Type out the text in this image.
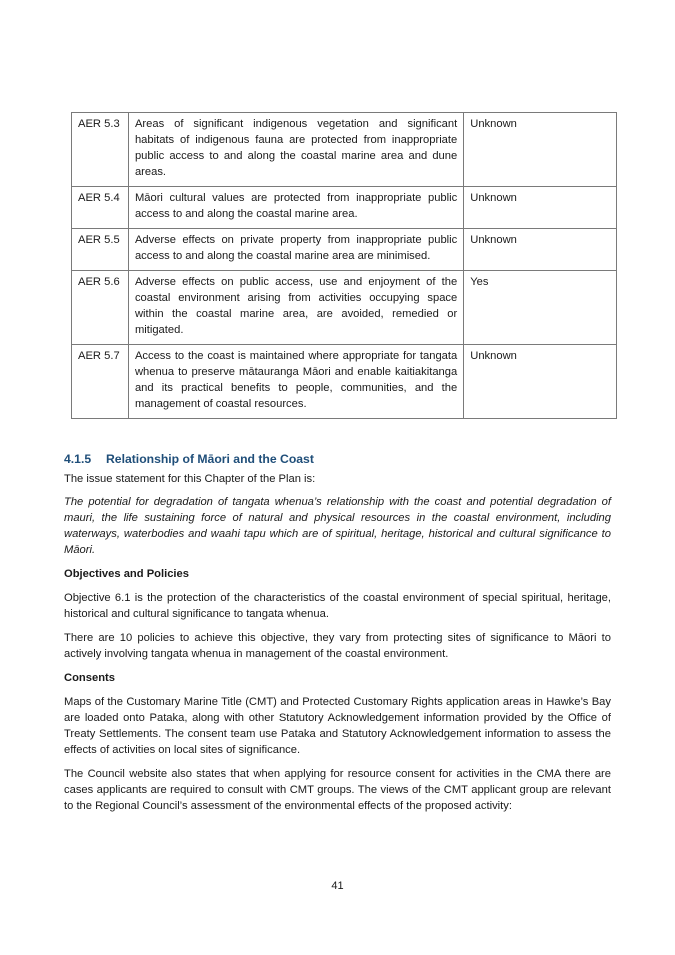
AER 5.3	Areas of significant indigenous vegetation and significant habitats of indigenous fauna are protected from inappropriate public access to and along the coastal marine area and dune areas.	Unknown
AER 5.4	Māori cultural values are protected from inappropriate public access to and along the coastal marine area.	Unknown
AER 5.5	Adverse effects on private property from inappropriate public access to and along the coastal marine area are minimised.	Unknown
AER 5.6	Adverse effects on public access, use and enjoyment of the coastal environment arising from activities occupying space within the coastal marine area, are avoided, remedied or mitigated.	Yes
AER 5.7	Access to the coast is maintained where appropriate for tangata whenua to preserve mātauranga Māori and enable kaitiakitanga and its practical benefits to people, communities, and the management of coastal resources.	Unknown
4.1.5 Relationship of Māori and the Coast

The issue statement for this Chapter of the Plan is:

The potential for degradation of tangata whenua’s relationship with the coast and potential degradation of mauri, the life sustaining force of natural and physical resources in the coastal environment, including waterways, waterbodies and waahi tapu which are of spiritual, heritage, historical and cultural significance to Māori.

Objectives and Policies

Objective 6.1 is the protection of the characteristics of the coastal environment of special spiritual, heritage, historical and cultural significance to tangata whenua.

There are 10 policies to achieve this objective, they vary from protecting sites of significance to Māori to actively involving tangata whenua in management of the coastal environment.

Consents

Maps of the Customary Marine Title (CMT) and Protected Customary Rights application areas in Hawke’s Bay are loaded onto Pataka, along with other Statutory Acknowledgement information provided by the Office of Treaty Settlements. The consent team use Pataka and Statutory Acknowledgement information to assess the effects of activities on local sites of significance.

The Council website also states that when applying for resource consent for activities in the CMA there are cases applicants are required to consult with CMT groups. The views of the CMT applicant group are relevant to the Regional Council’s assessment of the environmental effects of the proposed activity:

41
